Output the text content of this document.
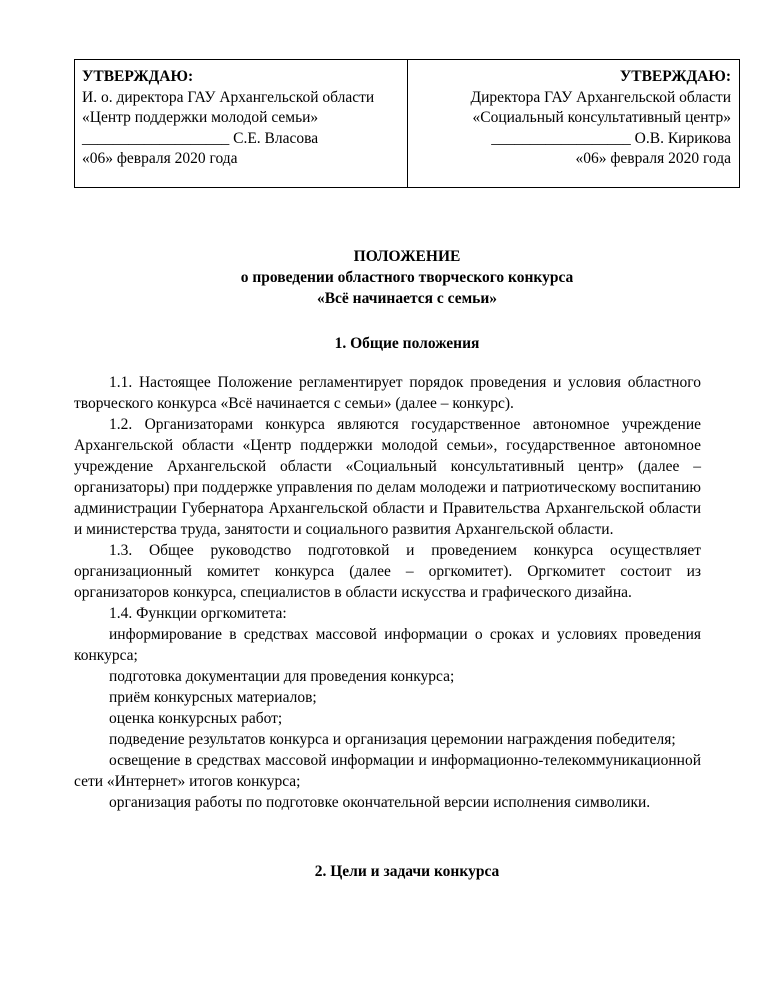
УТВЕРЖДАЮ:
И. о. директора ГАУ Архангельской области
«Центр поддержки молодой семьи»
___________________ С.Е. Власова
«06» февраля 2020 года
УТВЕРЖДАЮ:
Директора ГАУ Архангельской области
«Социальный консультативный центр»
__________________ О.В. Кирикова
«06» февраля 2020 года
ПОЛОЖЕНИЕ
о проведении областного творческого конкурса
«Всё начинается с семьи»
1. Общие положения

1.1. Настоящее Положение регламентирует порядок проведения и условия областного творческого конкурса «Всё начинается с семьи» (далее – конкурс).

1.2. Организаторами конкурса являются государственное автономное учреждение Архангельской области «Центр поддержки молодой семьи», государственное автономное учреждение Архангельской области «Социальный консультативный центр» (далее – организаторы) при поддержке управления по делам молодежи и патриотическому воспитанию администрации Губернатора Архангельской области и Правительства Архангельской области и министерства труда, занятости и социального развития Архангельской области.

1.3. Общее руководство подготовкой и проведением конкурса осуществляет организационный комитет конкурса (далее – оргкомитет). Оргкомитет состоит из организаторов конкурса, специалистов в области искусства и графического дизайна.

1.4. Функции оргкомитета:

информирование в средствах массовой информации о сроках и условиях проведения конкурса;

подготовка документации для проведения конкурса;

приём конкурсных материалов;

оценка конкурсных работ;

подведение результатов конкурса и организация церемонии награждения победителя;

освещение в средствах массовой информации и информационно-телекоммуникационной сети «Интернет» итогов конкурса;

организация работы по подготовке окончательной версии исполнения символики.

2. Цели и задачи конкурса
